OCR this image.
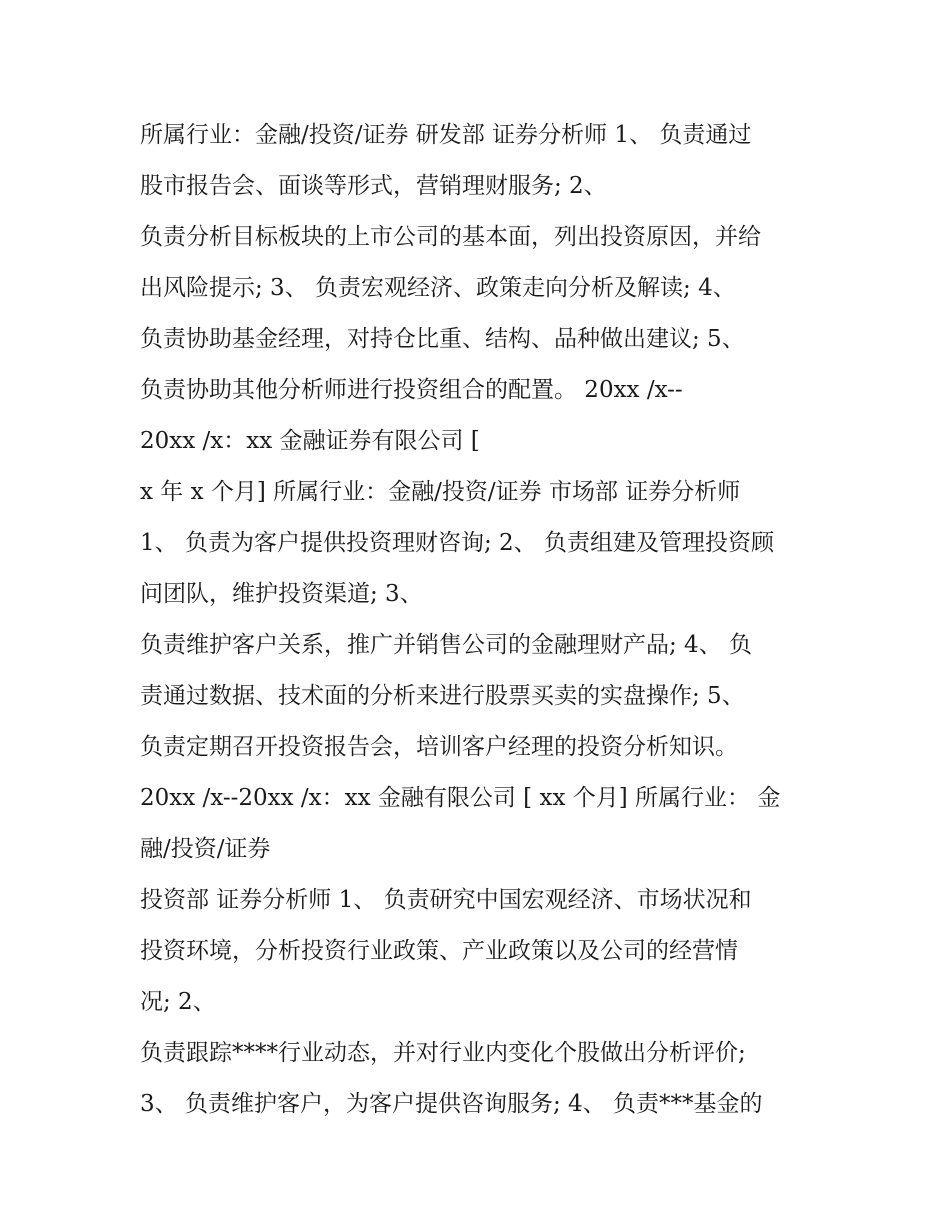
所属行业：金融/投资/证券 研发部 证券分析师 1、 负责通过
股市报告会、面谈等形式，营销理财服务; 2、
负责分析目标板块的上市公司的基本面，列出投资原因，并给
出风险提示; 3、 负责宏观经济、政策走向分析及解读; 4、
负责协助基金经理，对持仓比重、结构、品种做出建议; 5、
负责协助其他分析师进行投资组合的配置。 20xx /x--
20xx /x：xx 金融证券有限公司 [
x 年 x 个月] 所属行业：金融/投资/证券 市场部 证券分析师
1、 负责为客户提供投资理财咨询; 2、 负责组建及管理投资顾
问团队，维护投资渠道; 3、
负责维护客户关系，推广并销售公司的金融理财产品; 4、 负
责通过数据、技术面的分析来进行股票买卖的实盘操作; 5、
负责定期召开投资报告会，培训客户经理的投资分析知识。
20xx /x--20xx /x：xx 金融有限公司 [ xx 个月] 所属行业： 金
融/投资/证券
投资部 证券分析师 1、 负责研究中国宏观经济、市场状况和
投资环境，分析投资行业政策、产业政策以及公司的经营情
况; 2、
负责跟踪****行业动态，并对行业内变化个股做出分析评价;
3、 负责维护客户，为客户提供咨询服务; 4、 负责***基金的
